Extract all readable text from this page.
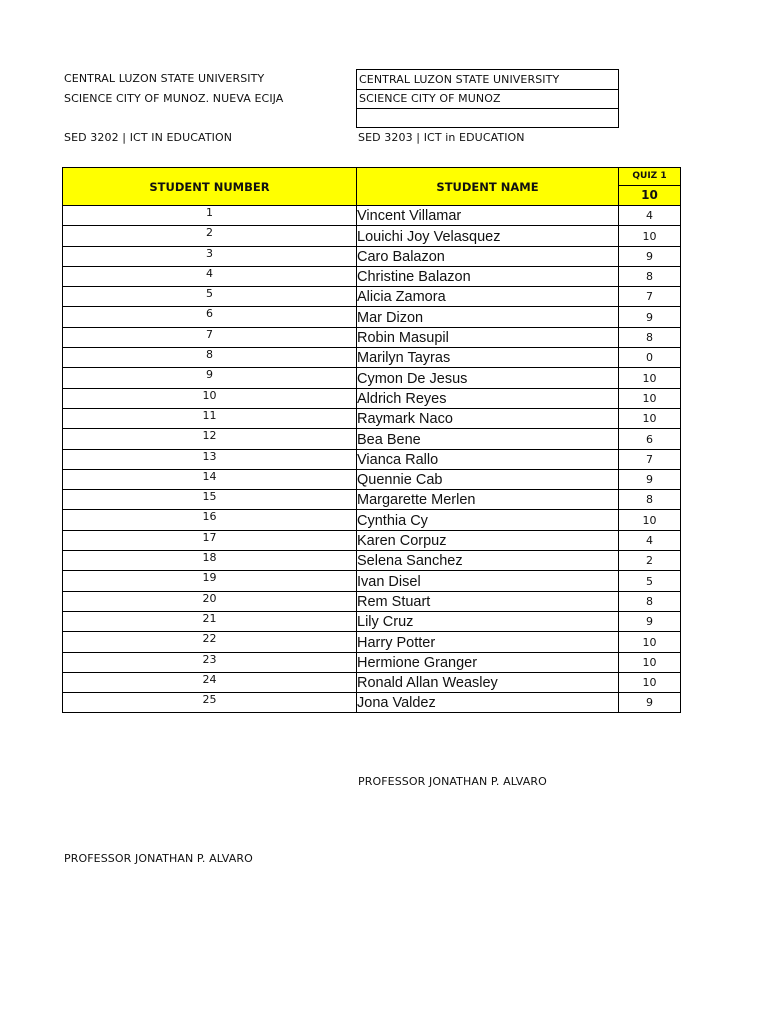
CENTRAL LUZON STATE UNIVERSITY
SCIENCE CITY OF MUNOZ. NUEVA ECIJA
SED 3202 | ICT IN EDUCATION
CENTRAL LUZON STATE UNIVERSITY
SCIENCE CITY OF MUNOZ
SED 3203 | ICT in EDUCATION
STUDENT NUMBER	STUDENT NAME	QUIZ 1
10

1	Vincent Villamar	4
2	Louichi Joy Velasquez	10
3	Caro Balazon	9
4	Christine Balazon	8
5	Alicia Zamora	7
6	Mar Dizon	9
7	Robin Masupil	8
8	Marilyn Tayras	0
9	Cymon De Jesus	10
10	Aldrich Reyes	10
11	Raymark Naco	10
12	Bea Bene	6
13	Vianca Rallo	7
14	Quennie Cab	9
15	Margarette Merlen	8
16	Cynthia Cy	10
17	Karen Corpuz	4
18	Selena Sanchez	2
19	Ivan Disel	5
20	Rem Stuart	8
21	Lily Cruz	9
22	Harry Potter	10
23	Hermione Granger	10
24	Ronald Allan Weasley	10
25	Jona Valdez	9
PROFESSOR JONATHAN P. ALVARO
PROFESSOR JONATHAN P. ALVARO
